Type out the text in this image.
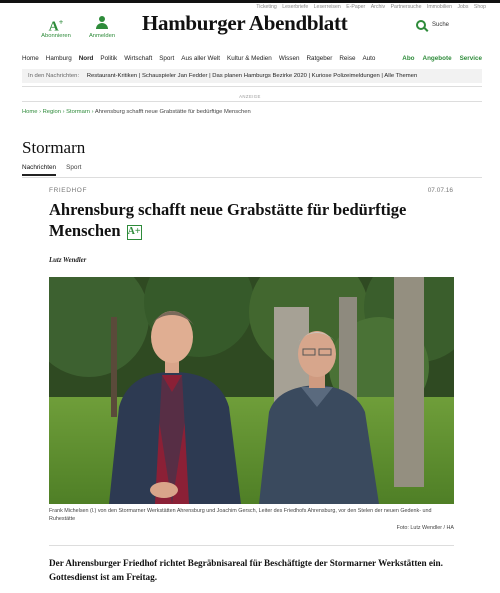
Ticketing Leserbriefe Leserreisen E-Paper Archiv Partnersuche Immobilien Jobs Shop
A+
Abonnieren	Anmelden
Hamburger Abendblatt	Suche
Home Hamburg Nord Politik Wirtschaft Sport Aus aller Welt Kultur & Medien Wissen Ratgeber Reise Auto	Abo Angebote Service
In den Nachrichten: Restaurant-Kritiken | Schauspieler Jan Fedder | Das planen Hamburgs Bezirke 2020 | Kuriose Polizeimeldungen | Alle Themen
ANZEIGE
Home › Region › Stormarn › Ahrensburg schafft neue Grabstätte für bedürftige Menschen
Stormarn
Nachrichten Sport
FRIEDHOF	07.07.16
Ahrensburg schafft neue Grabstätte für bedürftige Menschen A+
Lutz Wendler
Frank Michelsen (l.) von den Stormarner Werkstätten Ahrensburg und Joachim Gersch, Leiter des Friedhofs Ahrensburg, vor den Stelen der neuen Gedenk- und Ruhestätte
Foto: Lutz Wendler / HA
Der Ahrensburger Friedhof richtet Begräbnisareal für Beschäftigte der Stormarner Werkstätten ein. Gottesdienst ist am Freitag.
